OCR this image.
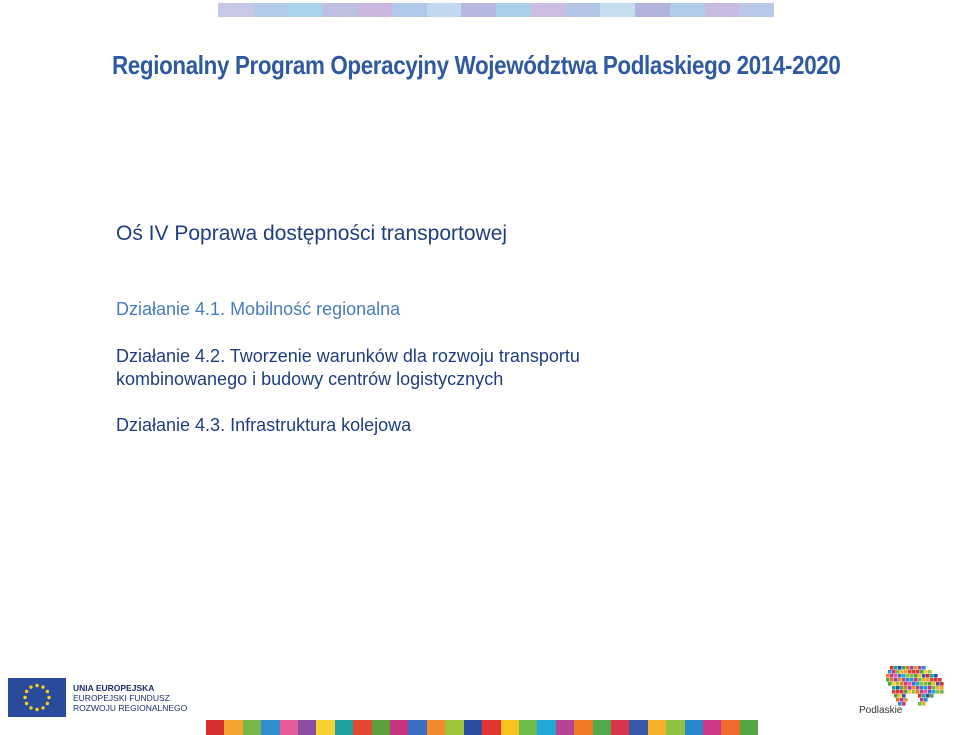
Regionalny Program Operacyjny Województwa Podlaskiego 2014-2020
Oś IV Poprawa dostępności transportowej
Działanie 4.1. Mobilność regionalna
Działanie 4.2. Tworzenie warunków dla rozwoju transportu kombinowanego i budowy centrów logistycznych
Działanie 4.3. Infrastruktura kolejowa
UNIA EUROPEJSKA
EUROPEJSKI FUNDUSZ
ROZWOJU REGIONALNEGO	Podlaskie
